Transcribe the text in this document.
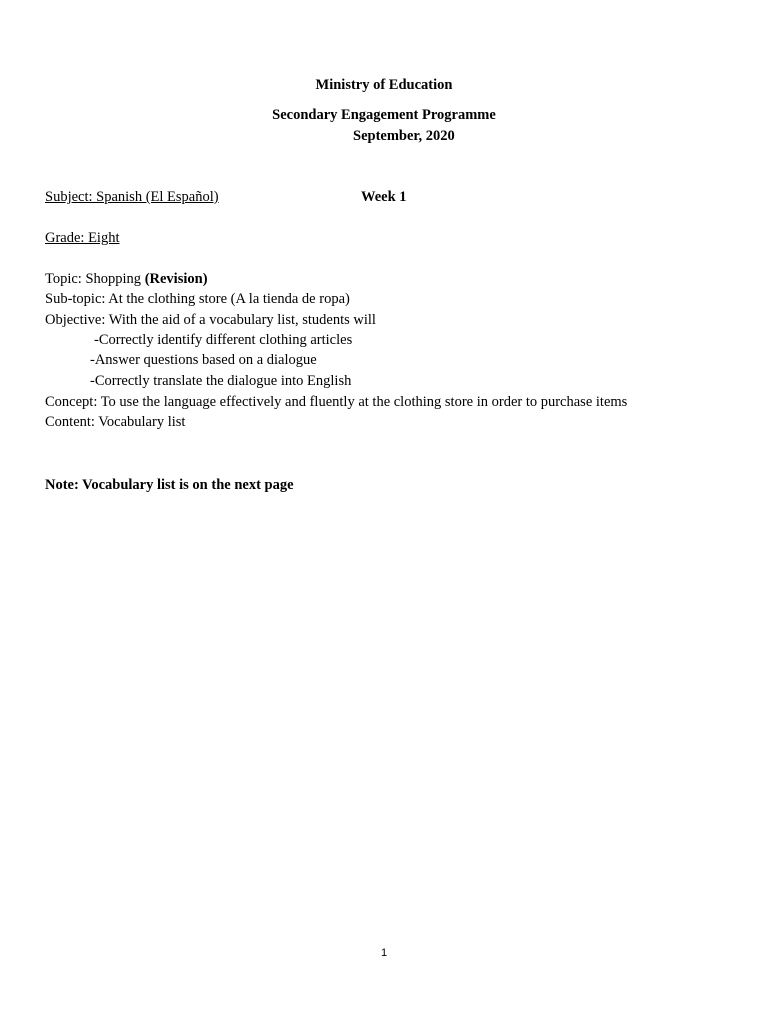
Ministry of Education
Secondary Engagement Programme
September, 2020
Subject: Spanish (El Español)	Week 1
Grade: Eight
Topic: Shopping (Revision)
Sub-topic: At the clothing store (A la tienda de ropa)
Objective: With the aid of a vocabulary list, students will
-Correctly identify different clothing articles
-Answer questions based on a dialogue
-Correctly translate the dialogue into English
Concept: To use the language effectively and fluently at the clothing store in order to purchase items
Content: Vocabulary list
Note: Vocabulary list is on the next page
1
